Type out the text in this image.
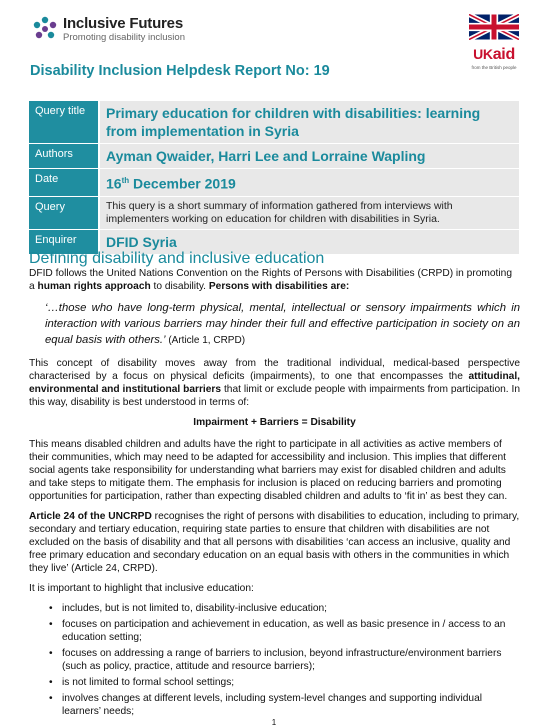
Inclusive Futures
Promoting disability inclusion
Disability Inclusion Helpdesk Report No: 19
UKaid
from the British people
Query title	Primary education for children with disabilities: learning from implementation in Syria
Authors	Ayman Qwaider, Harri Lee and Lorraine Wapling
Date	16th December 2019
Query	This query is a short summary of information gathered from interviews with implementers working on education for children with disabilities in Syria.
Enquirer	DFID Syria
Defining disability and inclusive education

DFID follows the United Nations Convention on the Rights of Persons with Disabilities (CRPD) in promoting a human rights approach to disability. Persons with disabilities are:

‘…those who have long-term physical, mental, intellectual or sensory impairments which in interaction with various barriers may hinder their full and effective participation in society on an equal basis with others.’ (Article 1, CRPD)

This concept of disability moves away from the traditional individual, medical-based perspective characterised by a focus on physical deficits (impairments), to one that encompasses the attitudinal, environmental and institutional barriers that limit or exclude people with impairments from participation. In this way, disability is best understood in terms of:

Impairment + Barriers = Disability

This means disabled children and adults have the right to participate in all activities as active members of their communities, which may need to be adapted for accessibility and inclusion. This implies that different social agents take responsibility for understanding what barriers may exist for disabled children and adults and take steps to mitigate them. The emphasis for inclusion is placed on reducing barriers and promoting opportunities for participation, rather than expecting disabled children and adults to ‘fit in’ as best they can.

Article 24 of the UNCRPD recognises the right of persons with disabilities to education, including to primary, secondary and tertiary education, requiring state parties to ensure that children with disabilities are not excluded on the basis of disability and that all persons with disabilities ‘can access an inclusive, quality and free primary education and secondary education on an equal basis with others in the communities in which they live’ (Article 24, CRPD).

It is important to highlight that inclusive education:

• includes, but is not limited to, disability-inclusive education;
• focuses on participation and achievement in education, as well as basic presence in / access to an education setting;
• focuses on addressing a range of barriers to inclusion, beyond infrastructure/environment barriers (such as policy, practice, attitude and resource barriers);
• is not limited to formal school settings;
• involves changes at different levels, including system-level changes and supporting individual learners’ needs;
1
